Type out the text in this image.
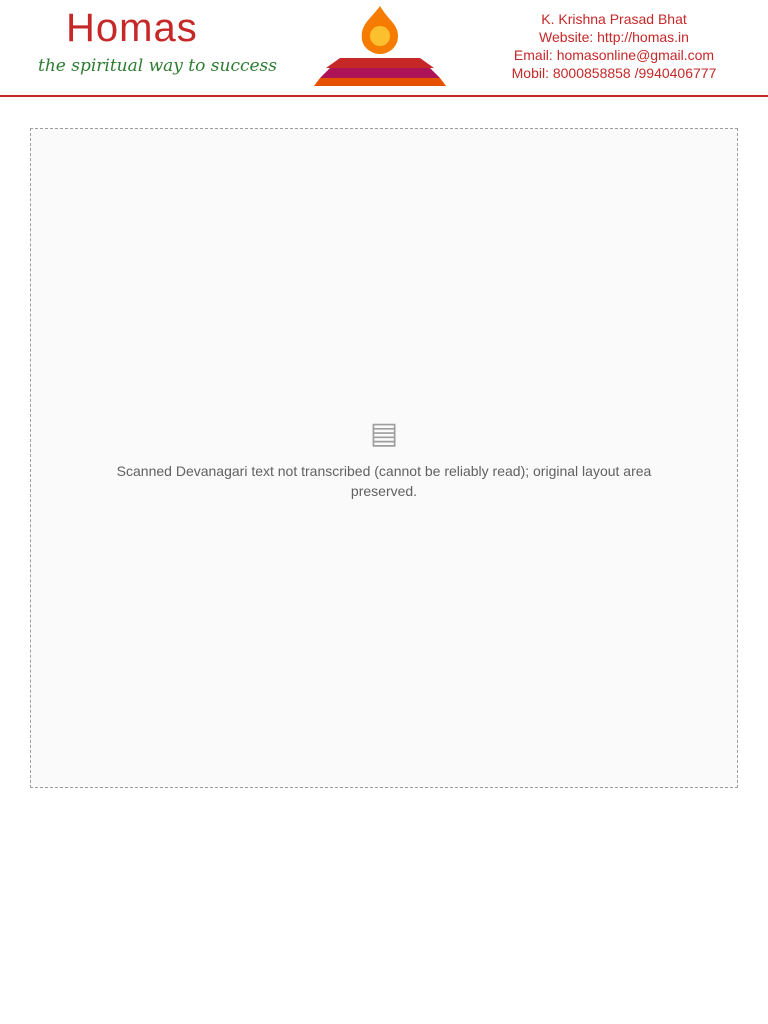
Homas
the spiritual way to success
K. Krishna Prasad Bhat
Website: http://homas.in
Email: homasonline@gmail.com
Mobil: 8000858858 /9940406777
▤
Scanned Devanagari text not transcribed (cannot be reliably read); original layout area preserved.
